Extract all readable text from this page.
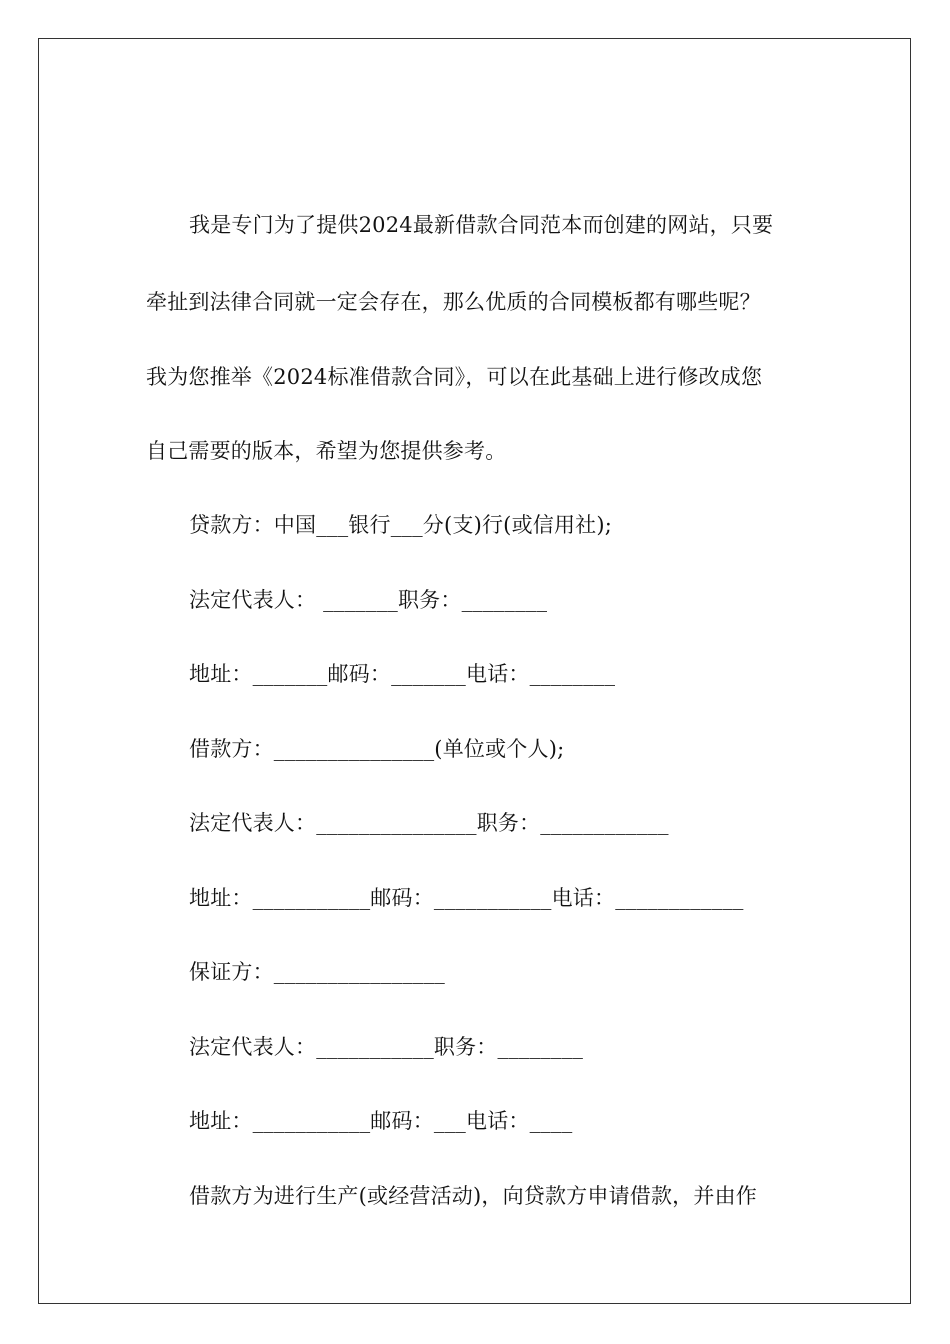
我是专门为了提供2024最新借款合同范本而创建的网站，只要
牵扯到法律合同就一定会存在，那么优质的合同模板都有哪些呢？
我为您推举《2024标准借款合同》，可以在此基础上进行修改成您
自己需要的版本，希望为您提供参考。
贷款方：中国___银行___分(支)行(或信用社);
法定代表人： _______职务：________
地址：_______邮码：_______电话：________
借款方：_______________(单位或个人);
法定代表人：_______________职务：____________
地址：___________邮码：___________电话：____________
保证方：________________
法定代表人：___________职务：________
地址：___________邮码：___电话：____
借款方为进行生产(或经营活动)，向贷款方申请借款，并由作
